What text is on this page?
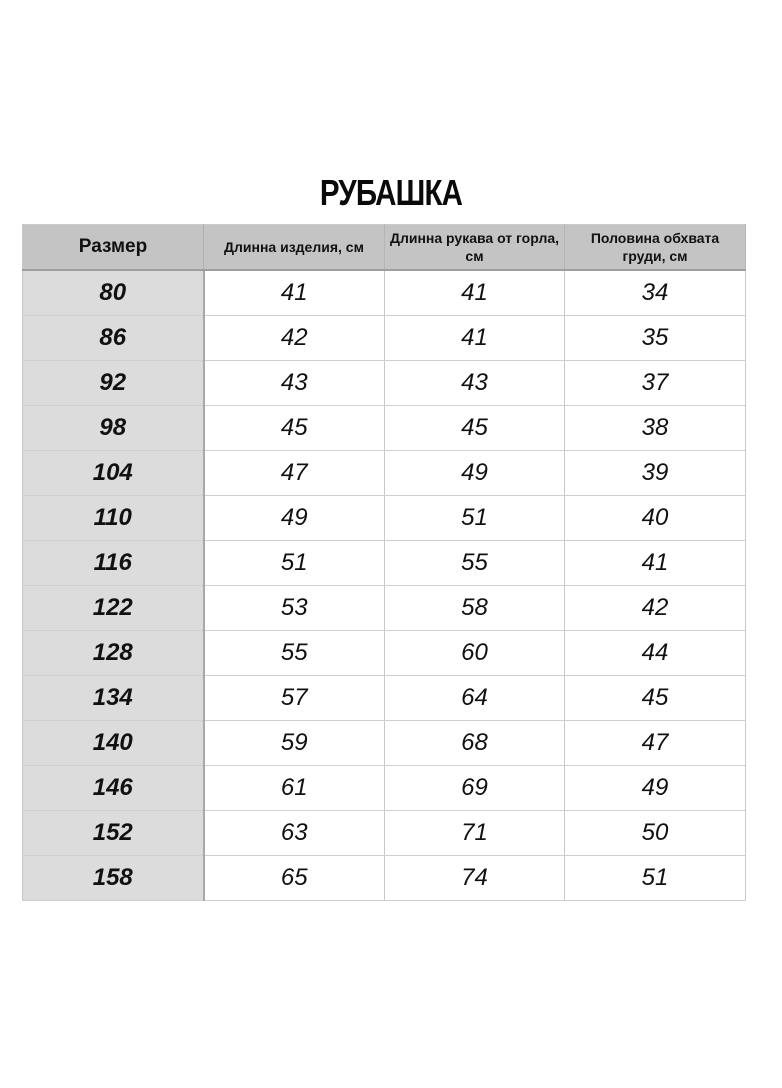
РУБАШКА
Размер	Длинна изделия, см	Длинна рукава от горла, см	Половина обхвата груди, см
80	41	41	34
86	42	41	35
92	43	43	37
98	45	45	38
104	47	49	39
110	49	51	40
116	51	55	41
122	53	58	42
128	55	60	44
134	57	64	45
140	59	68	47
146	61	69	49
152	63	71	50
158	65	74	51
